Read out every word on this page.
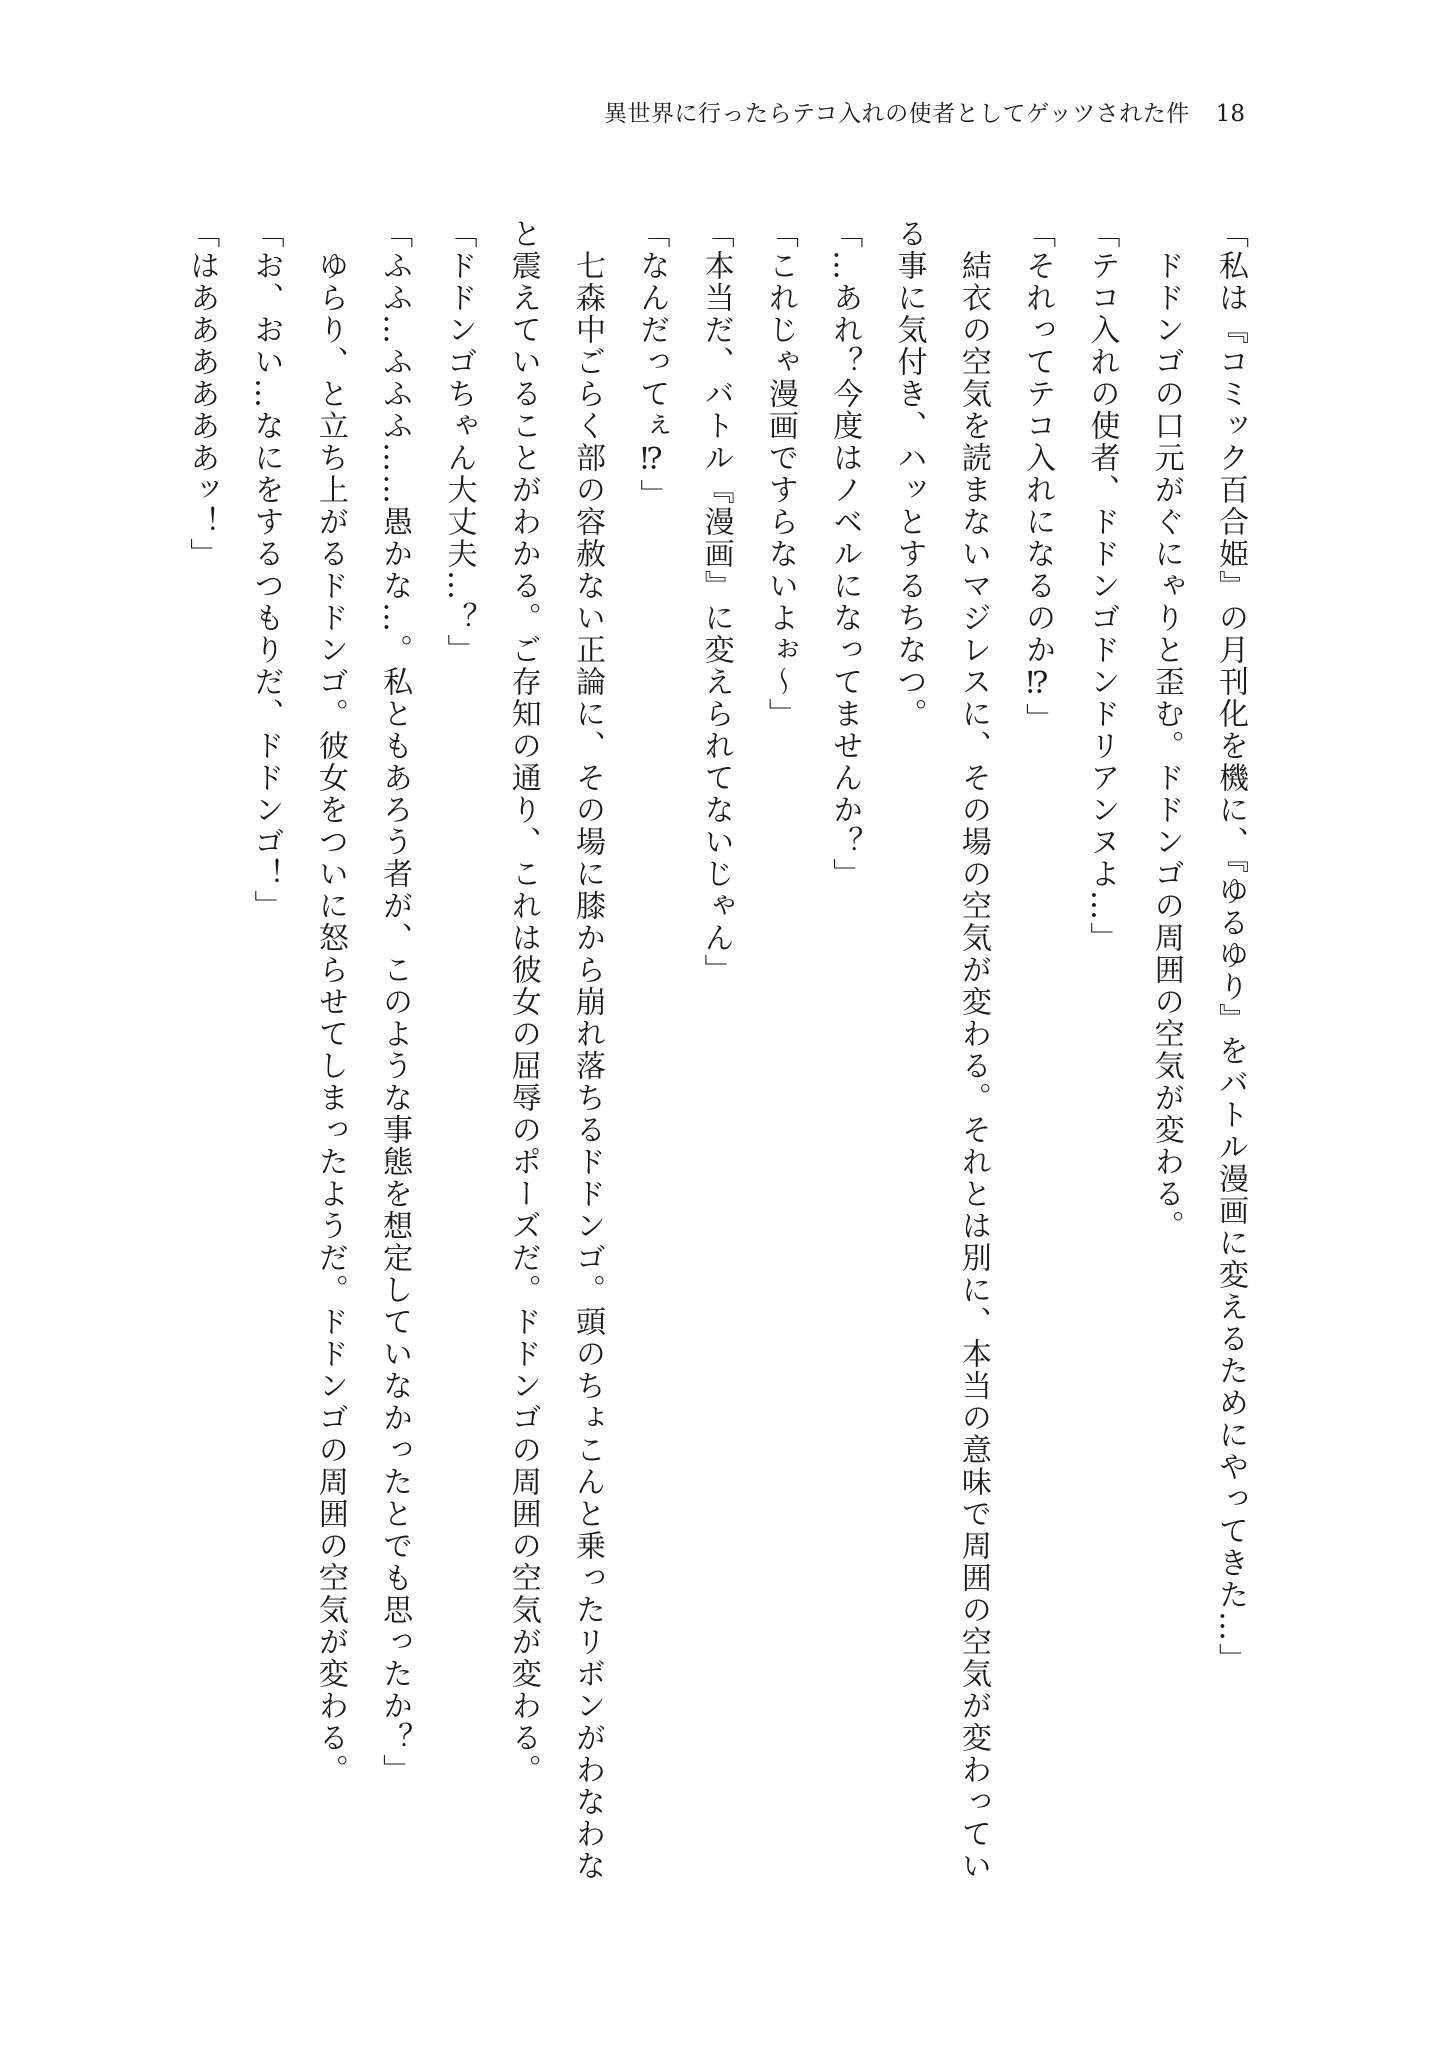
異世界に行ったらテコ入れの使者としてゲッツされた件 18
「私は『コミック百合姫』の月刊化を機に、『ゆるゆり』をバトル漫画に変えるためにやってきた…」
ドドンゴの口元がぐにゃりと歪む。ドドンゴの周囲の空気が変わる。
「テコ入れの使者、ドドンゴドンドリアンヌよ…」
「それってテコ入れになるのか⁉」
結衣の空気を読まないマジレスに、その場の空気が変わる。それとは別に、本当の意味で周囲の空気が変わってい
る事に気付き、ハッとするちなつ。
「…あれ？今度はノベルになってませんか？」
「これじゃ漫画ですらないよぉ～」
「本当だ、バトル『漫画』に変えられてないじゃん」
「なんだってぇ⁉」
七森中ごらく部の容赦ない正論に、その場に膝から崩れ落ちるドドンゴ。頭のちょこんと乗ったリボンがわなわな
と震えていることがわかる。ご存知の通り、これは彼女の屈辱のポーズだ。ドドンゴの周囲の空気が変わる。
「ドドンゴちゃん大丈夫…？」
「ふふ…ふふふ……愚かな…。私ともあろう者が、このような事態を想定していなかったとでも思ったか？」
ゆらり、と立ち上がるドドンゴ。彼女をついに怒らせてしまったようだ。ドドンゴの周囲の空気が変わる。
「お、おい…なにをするつもりだ、ドドンゴ！」
「はああああああッ！」
